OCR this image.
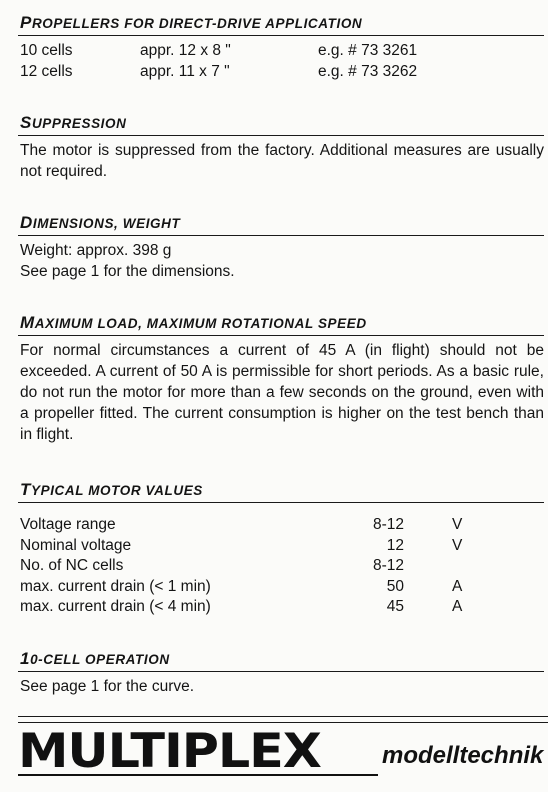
PROPELLERS FOR DIRECT-DRIVE APPLICATION
10 cells	appr. 12 x 8 "	e.g. # 73 3261
12 cells	appr. 11 x 7 "	e.g. # 73 3262
SUPPRESSION

The motor is suppressed from the factory. Additional measures are usually not required.

DIMENSIONS, WEIGHT

Weight: approx. 398 g

See page 1 for the dimensions.

MAXIMUM LOAD, MAXIMUM ROTATIONAL SPEED

For normal circumstances a current of 45 A (in flight) should not be exceeded. A current of 50 A is permissible for short periods. As a basic rule, do not run the motor for more than a few seconds on the ground, even with a propeller fitted. The current consumption is higher on the test bench than in flight.

TYPICAL MOTOR VALUES
Voltage range	8-12	V
Nominal voltage	12	V
No. of NC cells	8-12
max. current drain (< 1 min)	50	A
max. current drain (< 4 min)	45	A
10-CELL OPERATION

See page 1 for the curve.

MULTIPLEX	modelltechnik
